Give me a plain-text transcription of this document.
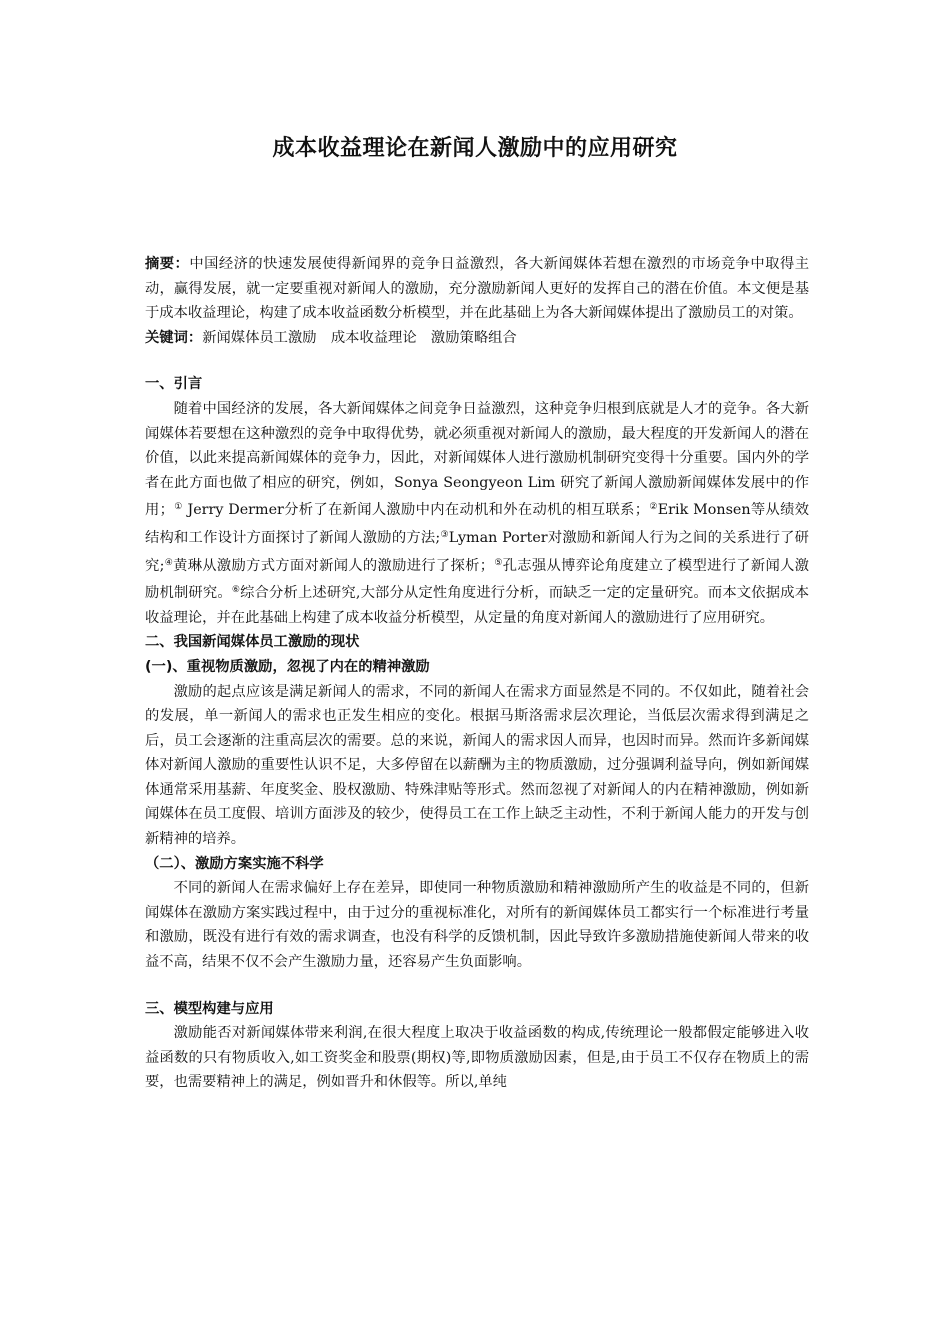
成本收益理论在新闻人激励中的应用研究

摘要：中国经济的快速发展使得新闻界的竞争日益激烈，各大新闻媒体若想在激烈的市场竞争中取得主动，赢得发展，就一定要重视对新闻人的激励，充分激励新闻人更好的发挥自己的潜在价值。本文便是基于成本收益理论，构建了成本收益函数分析模型，并在此基础上为各大新闻媒体提出了激励员工的对策。

关键词：新闻媒体员工激励　成本收益理论　激励策略组合

一、引言

随着中国经济的发展，各大新闻媒体之间竞争日益激烈，这种竞争归根到底就是人才的竞争。各大新闻媒体若要想在这种激烈的竞争中取得优势，就必须重视对新闻人的激励，最大程度的开发新闻人的潜在价值，以此来提高新闻媒体的竞争力，因此，对新闻媒体人进行激励机制研究变得十分重要。国内外的学者在此方面也做了相应的研究，例如，Sonya Seongyeon Lim 研究了新闻人激励新闻媒体发展中的作用；① Jerry Dermer分析了在新闻人激励中内在动机和外在动机的相互联系；②Erik Monsen等从绩效结构和工作设计方面探讨了新闻人激励的方法;③Lyman Porter对激励和新闻人行为之间的关系进行了研究;④黄琳从激励方式方面对新闻人的激励进行了探析；⑤孔志强从博弈论角度建立了模型进行了新闻人激励机制研究。⑥综合分析上述研究,大部分从定性角度进行分析，而缺乏一定的定量研究。而本文依据成本收益理论，并在此基础上构建了成本收益分析模型，从定量的角度对新闻人的激励进行了应用研究。

二、我国新闻媒体员工激励的现状

(一)、重视物质激励，忽视了内在的精神激励

激励的起点应该是满足新闻人的需求，不同的新闻人在需求方面显然是不同的。不仅如此，随着社会的发展，单一新闻人的需求也正发生相应的变化。根据马斯洛需求层次理论，当低层次需求得到满足之后，员工会逐渐的注重高层次的需要。总的来说，新闻人的需求因人而异，也因时而异。然而许多新闻媒体对新闻人激励的重要性认识不足，大多停留在以薪酬为主的物质激励，过分强调利益导向，例如新闻媒体通常采用基薪、年度奖金、股权激励、特殊津贴等形式。然而忽视了对新闻人的内在精神激励，例如新闻媒体在员工度假、培训方面涉及的较少，使得员工在工作上缺乏主动性，不利于新闻人能力的开发与创新精神的培养。

（二）、激励方案实施不科学

不同的新闻人在需求偏好上存在差异，即使同一种物质激励和精神激励所产生的收益是不同的，但新闻媒体在激励方案实践过程中，由于过分的重视标准化，对所有的新闻媒体员工都实行一个标准进行考量和激励，既没有进行有效的需求调查，也没有科学的反馈机制，因此导致许多激励措施使新闻人带来的收益不高，结果不仅不会产生激励力量，还容易产生负面影响。

三、模型构建与应用

激励能否对新闻媒体带来利润,在很大程度上取决于收益函数的构成,传统理论一般都假定能够进入收益函数的只有物质收入,如工资奖金和股票(期权)等,即物质激励因素，但是,由于员工不仅存在物质上的需要，也需要精神上的满足，例如晋升和休假等。所以,单纯
